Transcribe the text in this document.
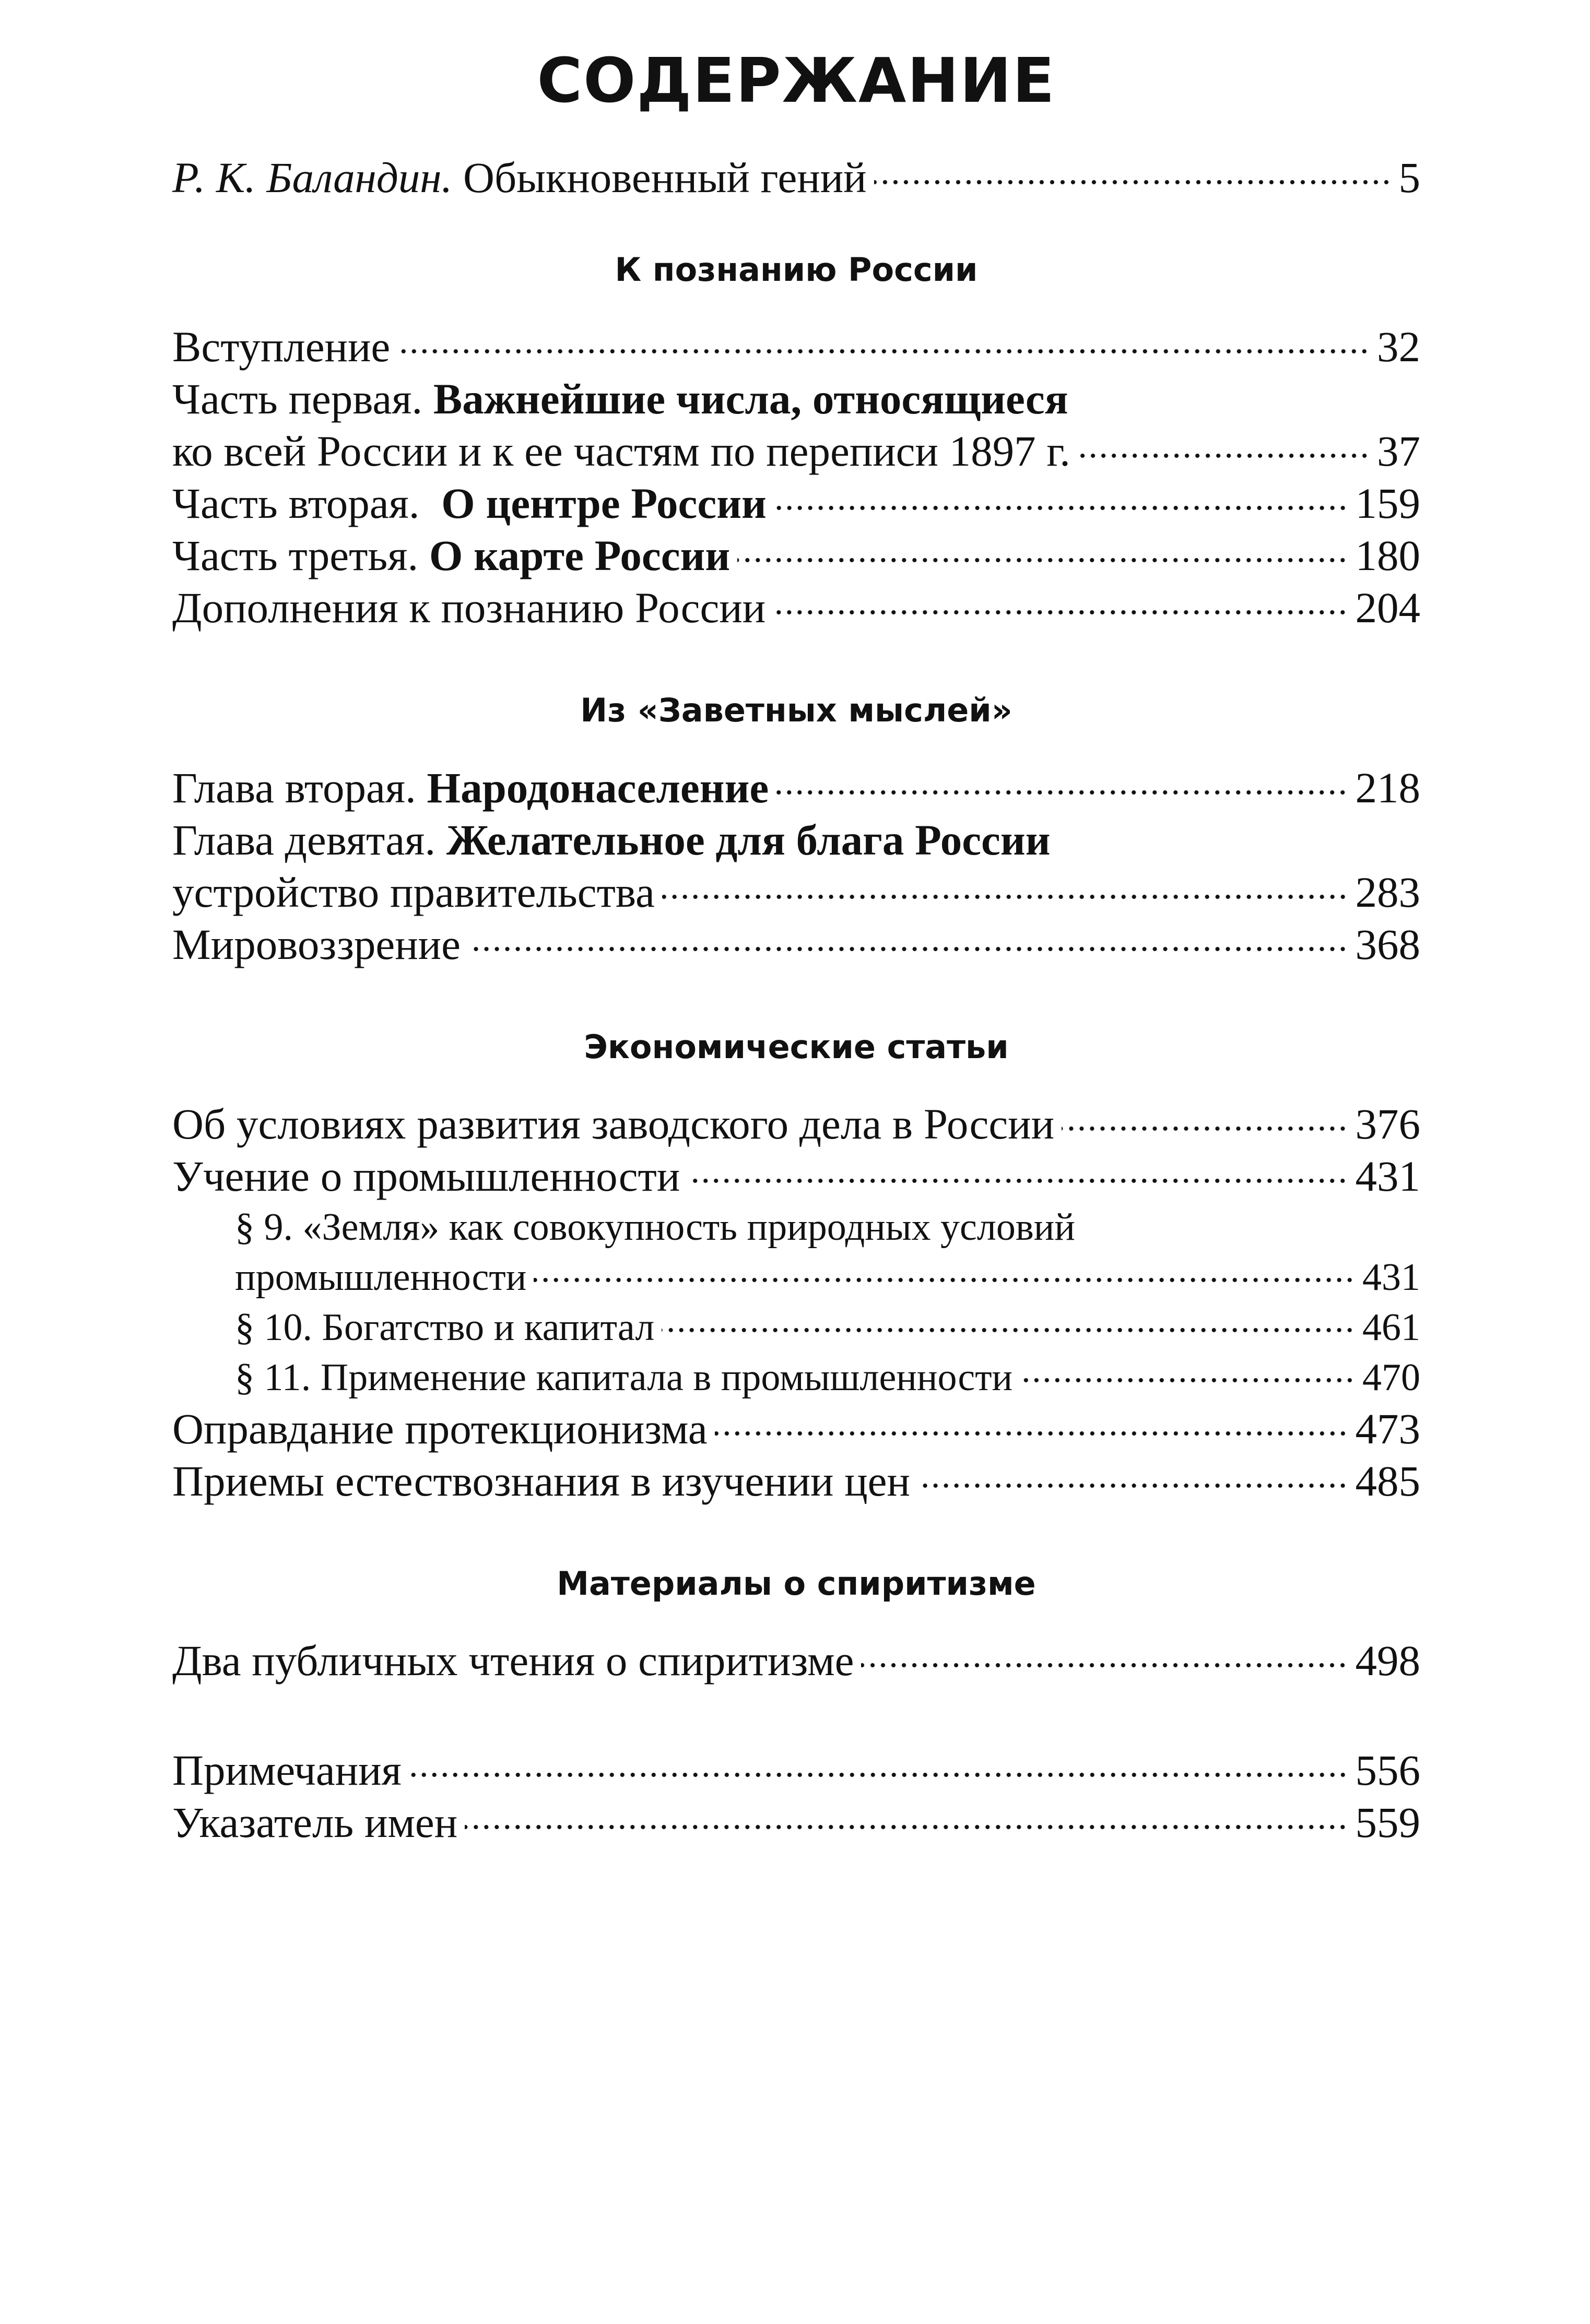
СОДЕРЖАНИЕ
Р. К. Баландин. Обыкновенный гений	5
К познанию России
Вступление	32
Часть первая. Важнейшие числа, относящиеся
ко всей России и к ее частям по переписи 1897 г.	37
Часть вторая. О центре России	159
Часть третья. О карте России	180
Дополнения к познанию России	204
Из «Заветных мыслей»
Глава вторая. Народонаселение	218
Глава девятая. Желательное для блага России
устройство правительства	283
Мировоззрение	368
Экономические статьи
Об условиях развития заводского дела в России	376
Учение о промышленности	431
§ 9. «Земля» как совокупность природных условий
промышленности	431
§ 10. Богатство и капитал	461
§ 11. Применение капитала в промышленности	470
Оправдание протекционизма	473
Приемы естествознания в изучении цен	485
Материалы о спиритизме
Два публичных чтения о спиритизме	498
Примечания	556
Указатель имен	559
